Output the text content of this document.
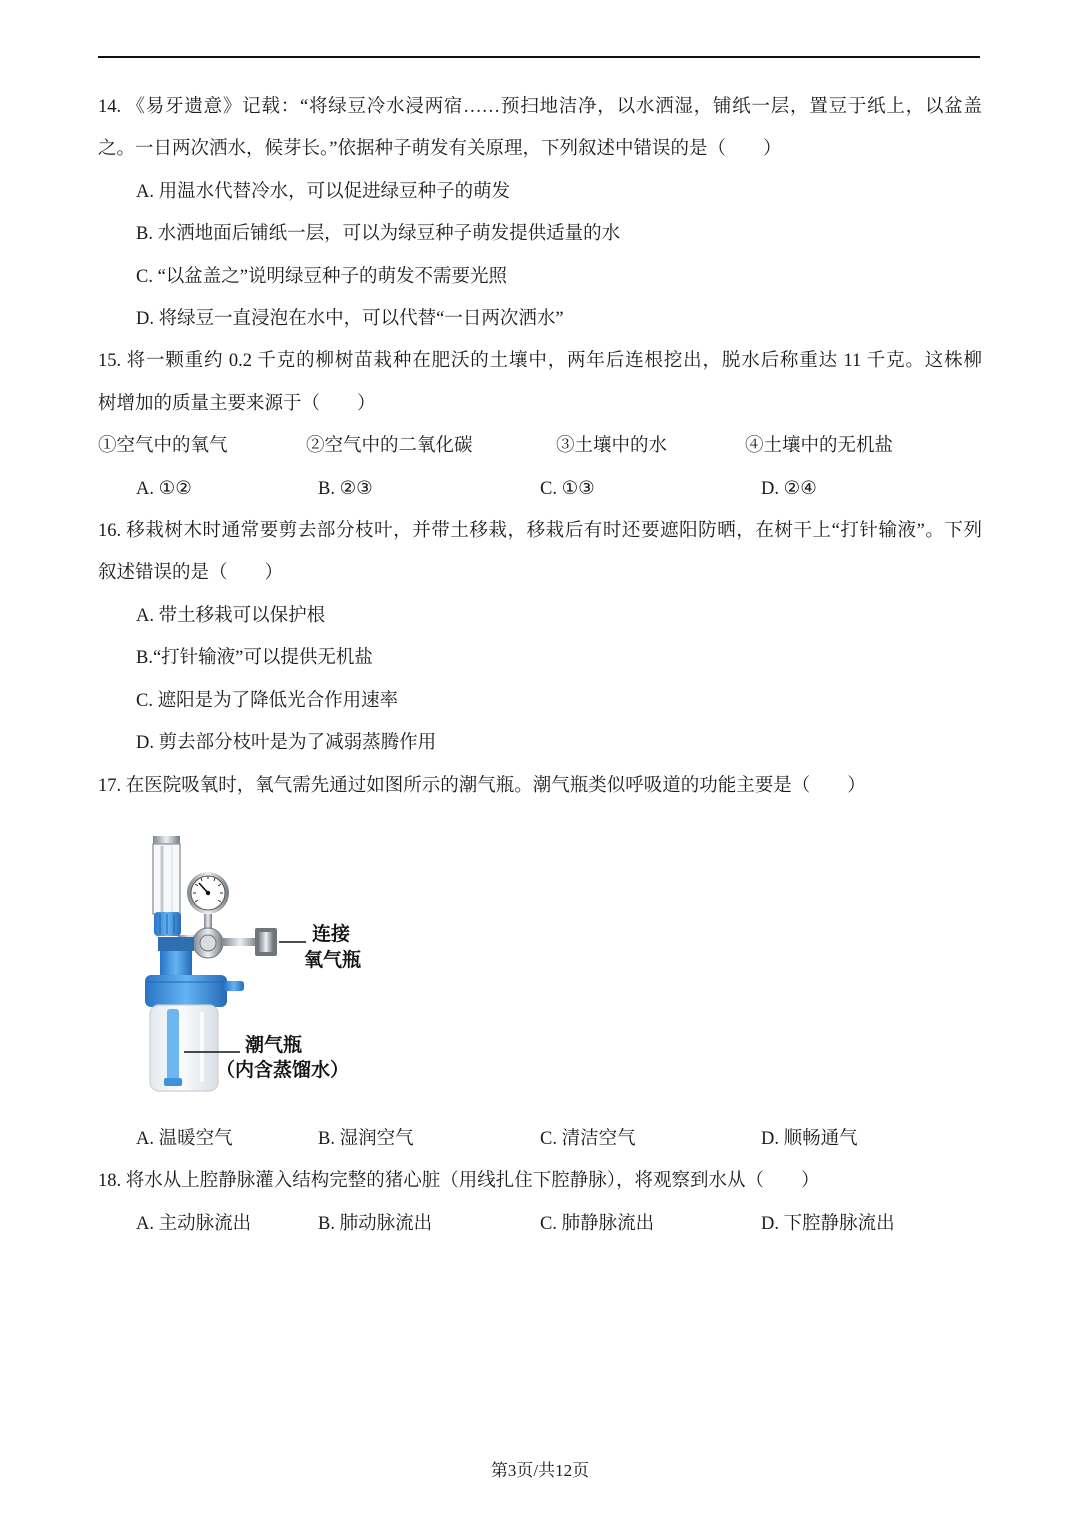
14. 《易牙遗意》记载：“将绿豆冷水浸两宿……预扫地洁净，以水洒湿，铺纸一层，置豆于纸上，以盆盖
之。一日两次洒水，候芽长。”依据种子萌发有关原理，下列叙述中错误的是（　　）
A. 用温水代替冷水，可以促进绿豆种子的萌发
B. 水洒地面后铺纸一层，可以为绿豆种子萌发提供适量的水
C. “以盆盖之”说明绿豆种子的萌发不需要光照
D. 将绿豆一直浸泡在水中，可以代替“一日两次洒水”
15. 将一颗重约 0.2 千克的柳树苗栽种在肥沃的土壤中，两年后连根挖出，脱水后称重达 11 千克。这株柳
树增加的质量主要来源于（　　）
①空气中的氧气	②空气中的二氧化碳	③土壤中的水	④土壤中的无机盐
A. ①②	B. ②③	C. ①③	D. ②④
16. 移栽树木时通常要剪去部分枝叶，并带土移栽，移栽后有时还要遮阳防晒，在树干上“打针输液”。下列
叙述错误的是（　　）
A. 带土移栽可以保护根
B.“打针输液”可以提供无机盐
C. 遮阳是为了降低光合作用速率
D. 剪去部分枝叶是为了减弱蒸腾作用
17. 在医院吸氧时，氧气需先通过如图所示的潮气瓶。潮气瓶类似呼吸道的功能主要是（　　）
连接
氧气瓶
潮气瓶
（内含蒸馏水）
A. 温暖空气	B. 湿润空气	C. 清洁空气	D. 顺畅通气
18. 将水从上腔静脉灌入结构完整的猪心脏（用线扎住下腔静脉），将观察到水从（　　）
A. 主动脉流出	B. 肺动脉流出	C. 肺静脉流出	D. 下腔静脉流出
第3页/共12页
